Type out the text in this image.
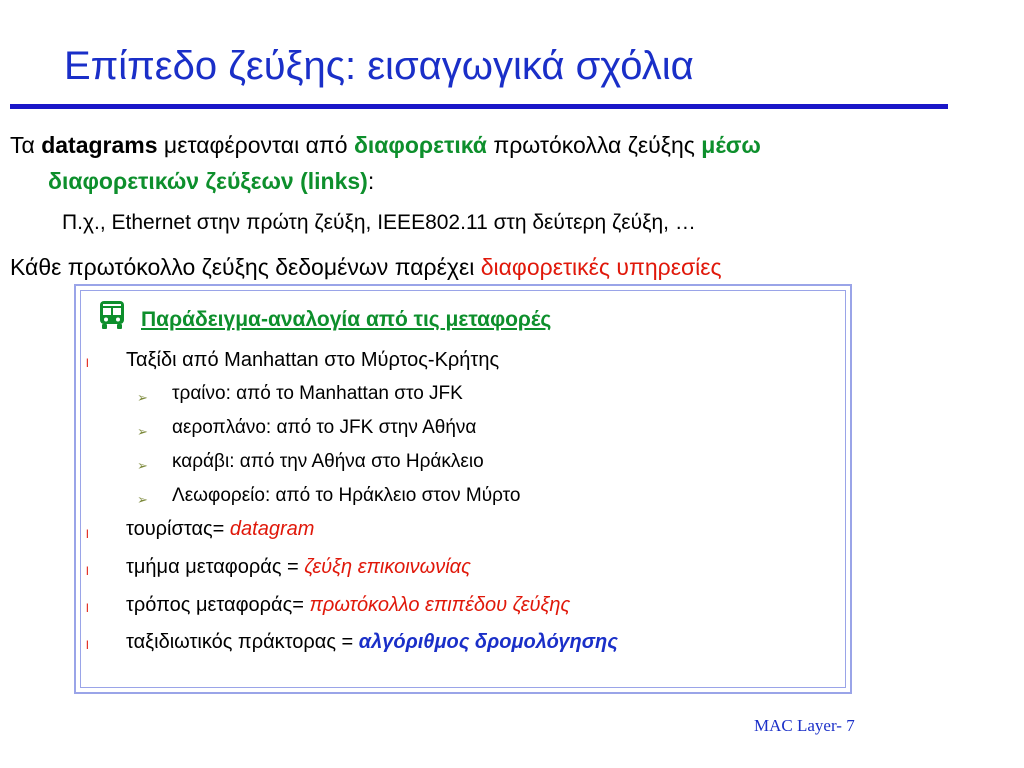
Επίπεδο ζεύξης: εισαγωγικά σχόλια
Τα datagrams μεταφέρονται από διαφορετικά πρωτόκολλα ζεύξης μέσω
διαφορετικών ζεύξεων (links):
Π.χ., Ethernet στην πρώτη ζεύξη, IEEE802.11 στη δεύτερη ζεύξη, …
Κάθε πρωτόκολλο ζεύξης δεδομένων παρέχει διαφορετικές υπηρεσίες
Παράδειγμα-αναλογία από τις μεταφορές
l Ταξίδι από Manhattan στο Μύρτος-Κρήτης
➢ τραίνο: από το Manhattan στο JFK
➢ αεροπλάνο: από το JFK στην Αθήνα
➢ καράβι: από την Αθήνα στο Ηράκλειο
➢ Λεωφορείο: από το Ηράκλειο στον Μύρτο
l τουρίστας= datagram
l τμήμα μεταφοράς = ζεύξη επικοινωνίας
l τρόπος μεταφοράς= πρωτόκολλο επιπέδου ζεύξης
l ταξιδιωτικός πράκτορας = αλγόριθμος δρομολόγησης
MAC Layer- 7
